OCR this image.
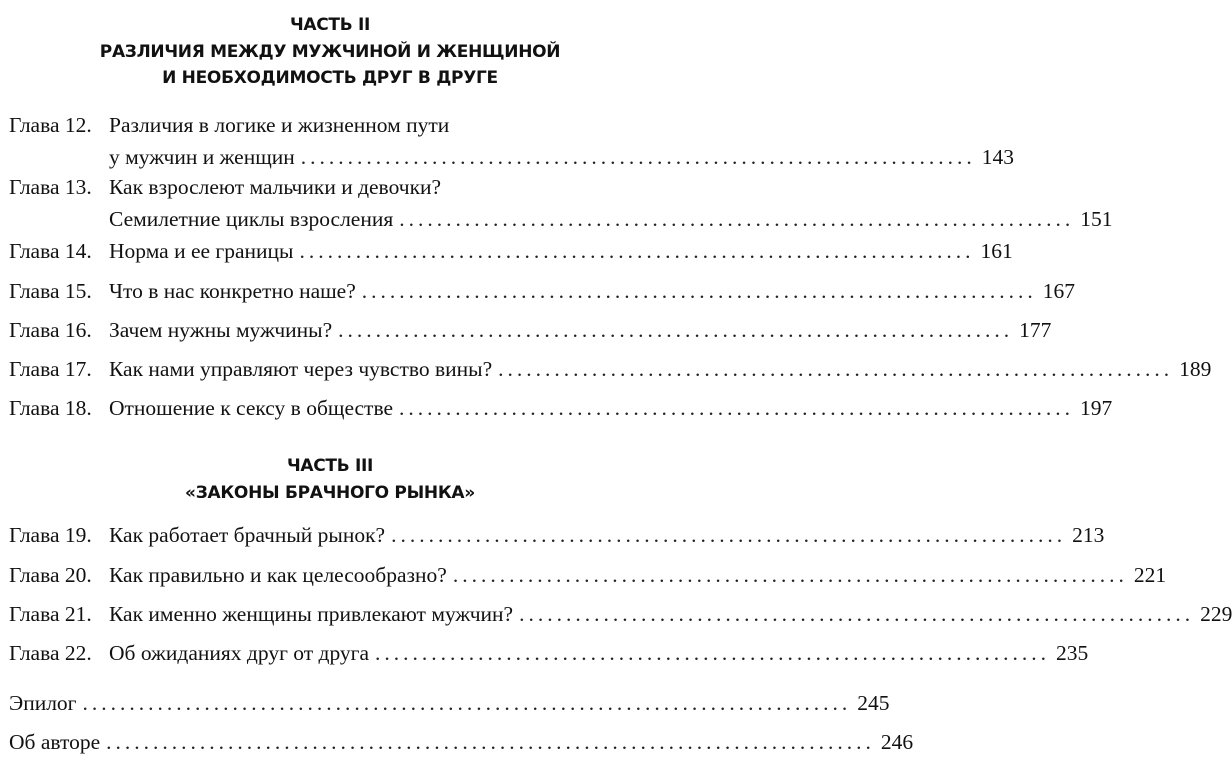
ЧАСТЬ II
РАЗЛИЧИЯ МЕЖДУ МУЖЧИНОЙ И ЖЕНЩИНОЙ
И НЕОБХОДИМОСТЬ ДРУГ В ДРУГЕ
Глава 12. Различия в логике и жизненном пути
у мужчин и женщин ........................................................................ 143
Глава 13. Как взрослеют мальчики и девочки?
Семилетние циклы взросления ........................................................................ 151
Глава 14. Норма и ее границы ........................................................................ 161
Глава 15. Что в нас конкретно наше? ........................................................................ 167
Глава 16. Зачем нужны мужчины? ........................................................................ 177
Глава 17. Как нами управляют через чувство вины? ........................................................................ 189
Глава 18. Отношение к сексу в обществе ........................................................................ 197
ЧАСТЬ III
«ЗАКОНЫ БРАЧНОГО РЫНКА»
Глава 19. Как работает брачный рынок? ........................................................................ 213
Глава 20. Как правильно и как целесообразно? ........................................................................ 221
Глава 21. Как именно женщины привлекают мужчин? ........................................................................ 229
Глава 22. Об ожиданиях друг от друга ........................................................................ 235
Эпилог .................................................................................. 245
Об авторе .................................................................................. 246
